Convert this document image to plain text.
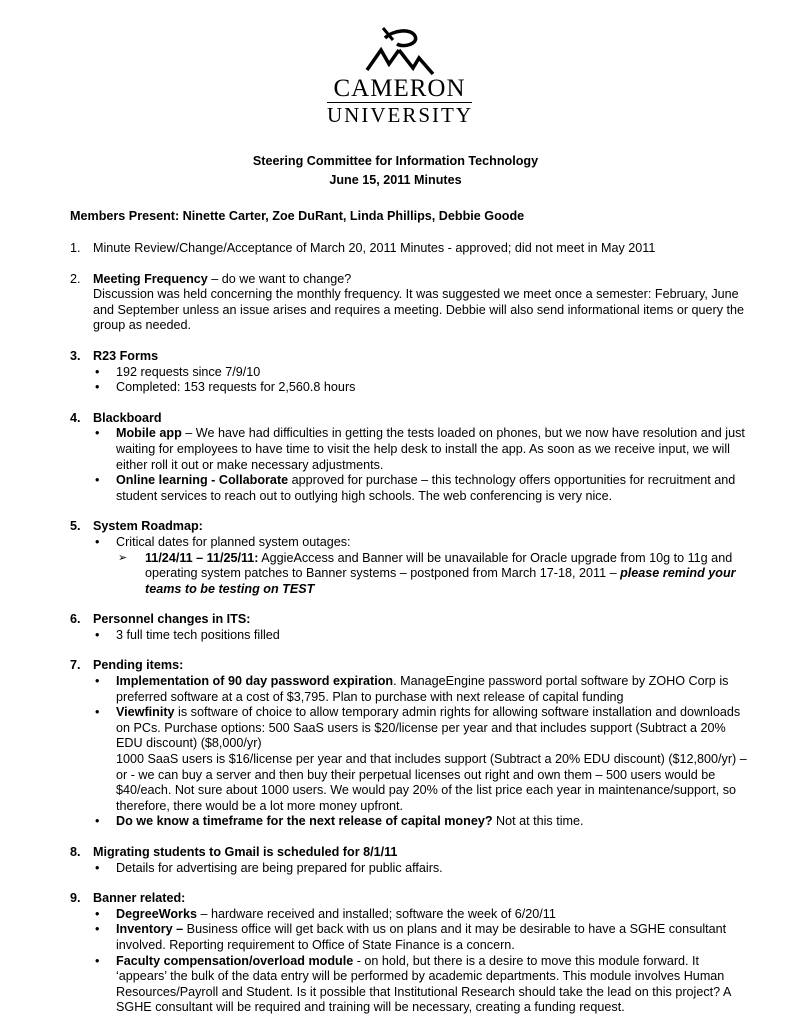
CAMERON
UNIVERSITY
Steering Committee for Information Technology
June 15, 2011 Minutes
Members Present: Ninette Carter, Zoe DuRant, Linda Phillips, Debbie Goode
1. Minute Review/Change/Acceptance of March 20, 2011 Minutes - approved; did not meet in May 2011
2. Meeting Frequency – do we want to change?
Discussion was held concerning the monthly frequency. It was suggested we meet once a semester: February, June and September unless an issue arises and requires a meeting. Debbie will also send informational items or query the group as needed.
3. R23 Forms
• 192 requests since 7/9/10
• Completed: 153 requests for 2,560.8 hours
4. Blackboard
• Mobile app – We have had difficulties in getting the tests loaded on phones, but we now have resolution and just waiting for employees to have time to visit the help desk to install the app. As soon as we receive input, we will either roll it out or make necessary adjustments.
• Online learning - Collaborate approved for purchase – this technology offers opportunities for recruitment and student services to reach out to outlying high schools. The web conferencing is very nice.
5. System Roadmap:
• Critical dates for planned system outages:
➢ 11/24/11 – 11/25/11: AggieAccess and Banner will be unavailable for Oracle upgrade from 10g to 11g and operating system patches to Banner systems – postponed from March 17-18, 2011 – please remind your teams to be testing on TEST
6. Personnel changes in ITS:
• 3 full time tech positions filled
7. Pending items:
• Implementation of 90 day password expiration. ManageEngine password portal software by ZOHO Corp is preferred software at a cost of $3,795. Plan to purchase with next release of capital funding
• Viewfinity is software of choice to allow temporary admin rights for allowing software installation and downloads on PCs. Purchase options: 500 SaaS users is $20/license per year and that includes support (Subtract a 20% EDU discount) ($8,000/yr)
1000 SaaS users is $16/license per year and that includes support (Subtract a 20% EDU discount) ($12,800/yr) – or - we can buy a server and then buy their perpetual licenses out right and own them – 500 users would be $40/each. Not sure about 1000 users. We would pay 20% of the list price each year in maintenance/support, so therefore, there would be a lot more money upfront.
• Do we know a timeframe for the next release of capital money? Not at this time.
8. Migrating students to Gmail is scheduled for 8/1/11
• Details for advertising are being prepared for public affairs.
9. Banner related:
• DegreeWorks – hardware received and installed; software the week of 6/20/11
• Inventory – Business office will get back with us on plans and it may be desirable to have a SGHE consultant involved. Reporting requirement to Office of State Finance is a concern.
• Faculty compensation/overload module - on hold, but there is a desire to move this module forward. It ‘appears’ the bulk of the data entry will be performed by academic departments. This module involves Human Resources/Payroll and Student. Is it possible that Institutional Research should take the lead on this project? A SGHE consultant will be required and training will be necessary, creating a funding request.
